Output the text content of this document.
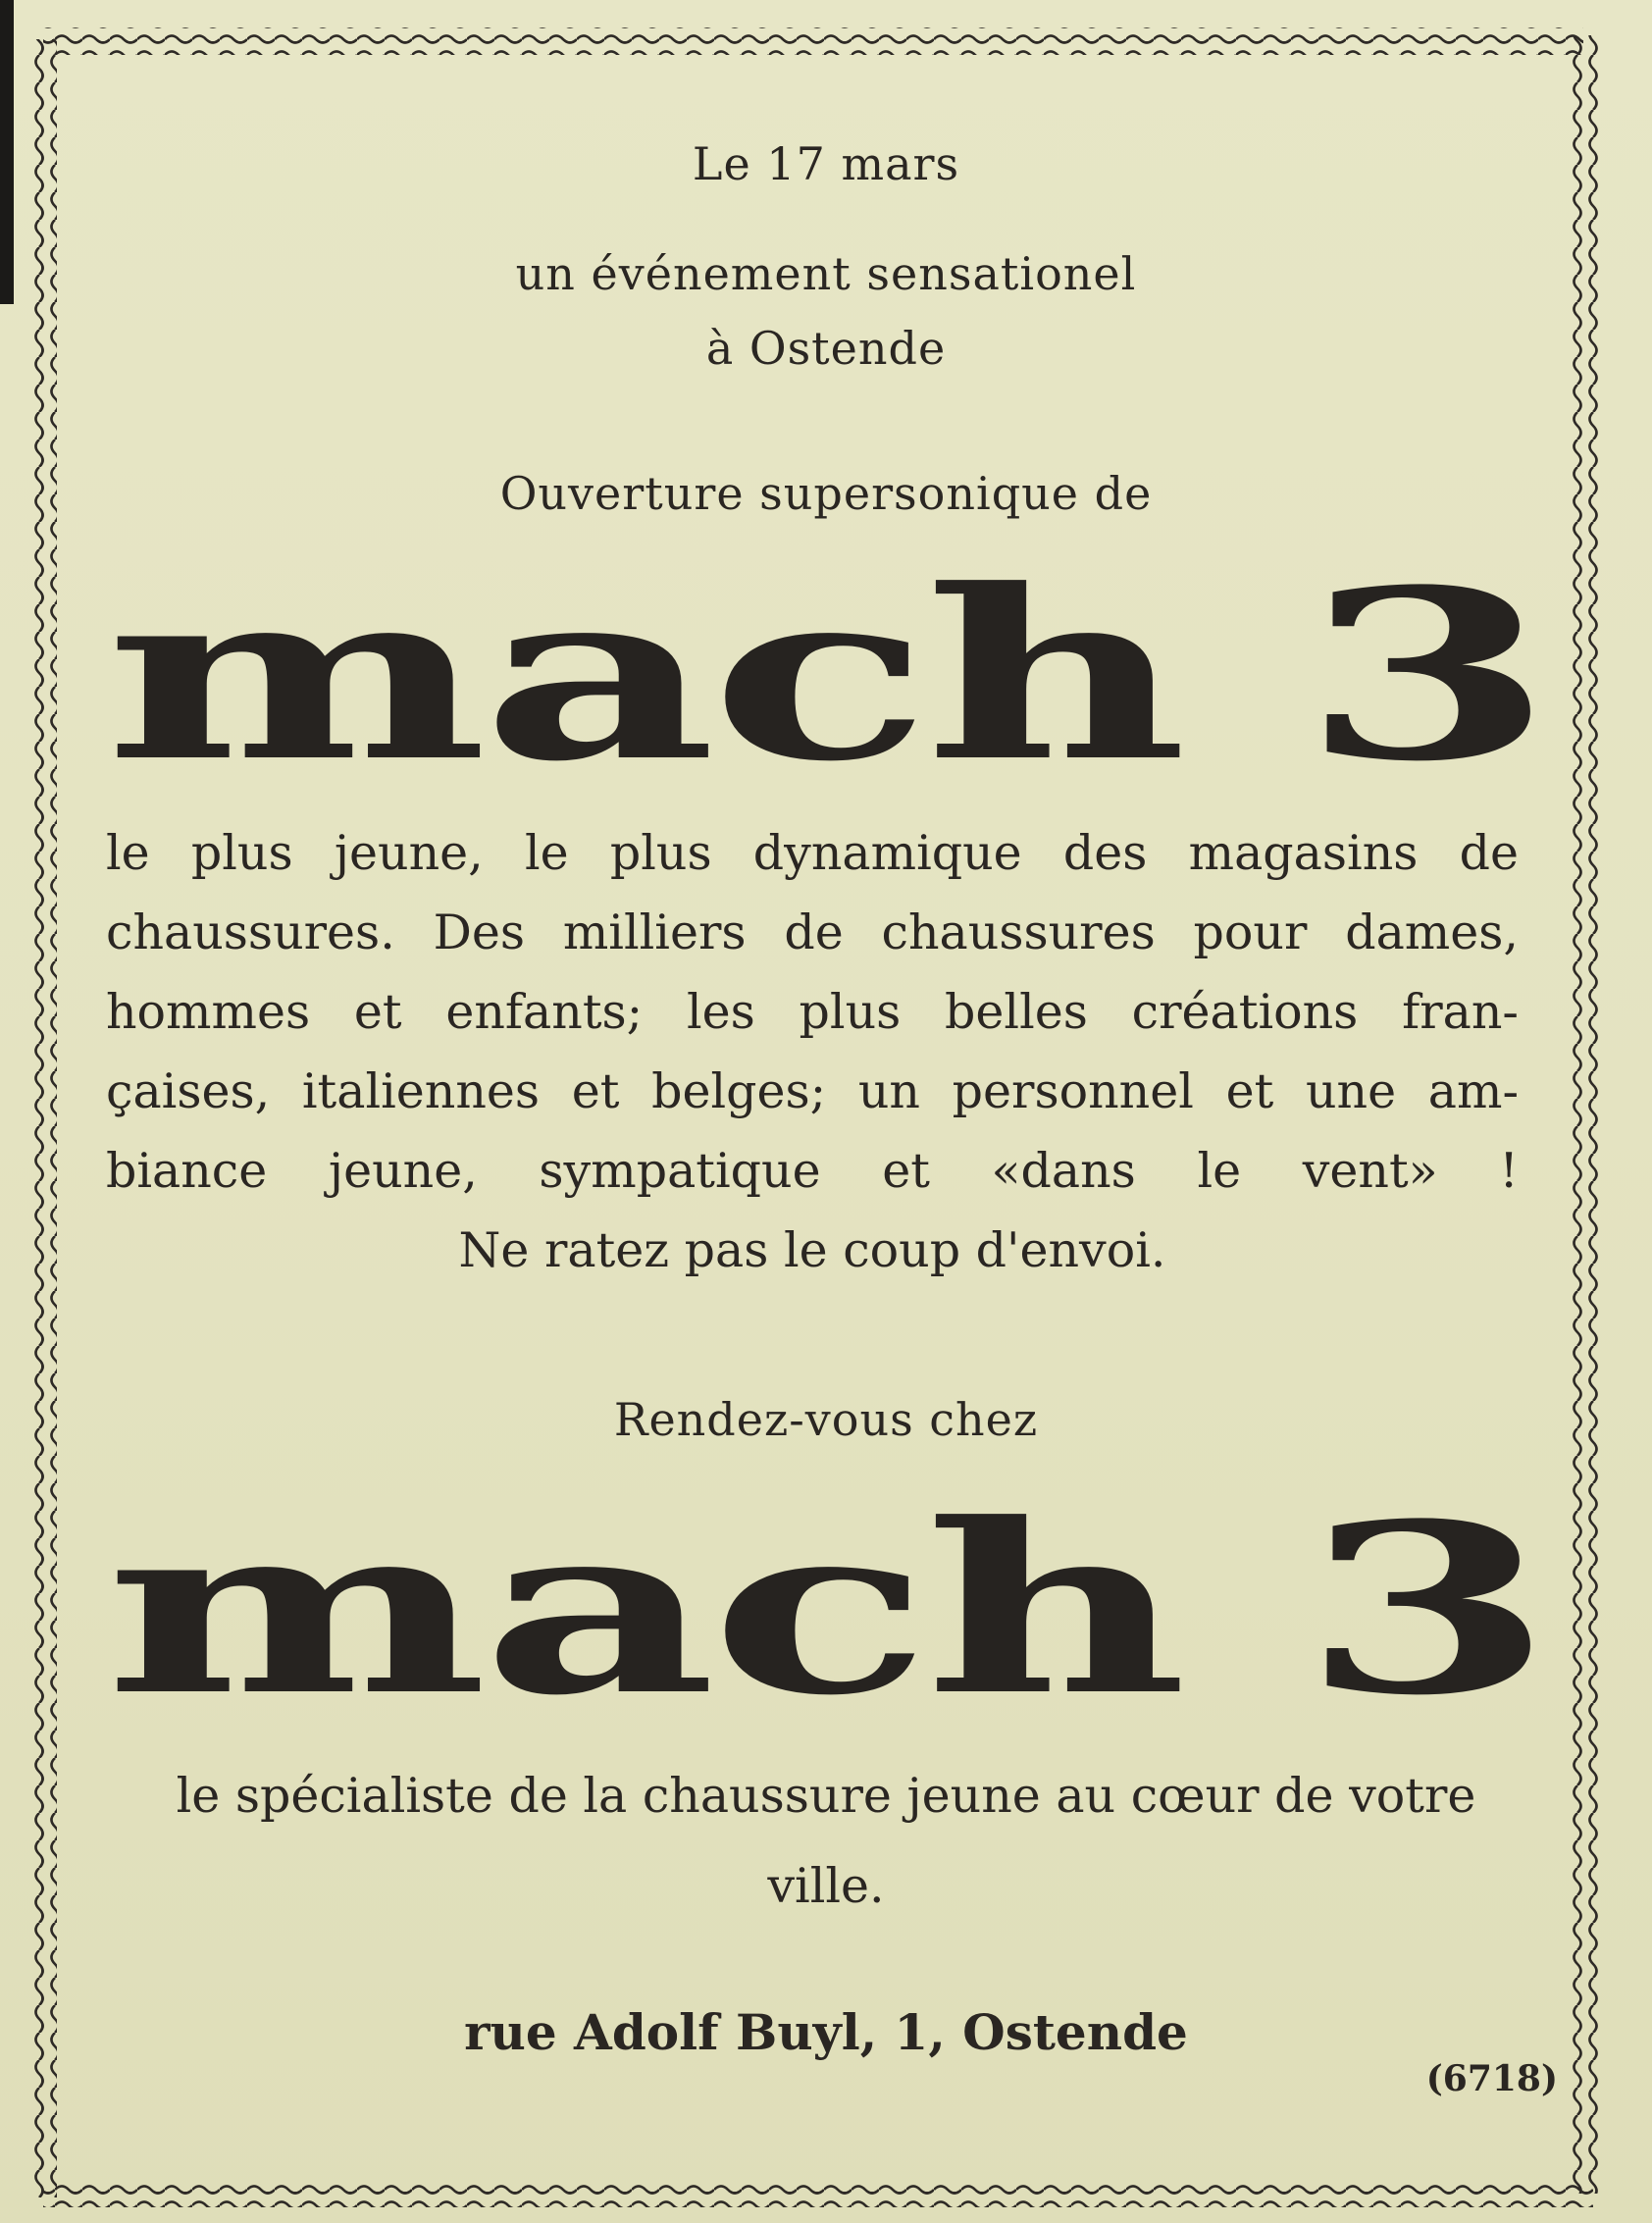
Le 17 mars
un événement sensationel
à Ostende
Ouverture supersonique de
mach 3
le plus jeune, le plus dynamique des magasins de
chaussures. Des milliers de chaussures pour dames,
hommes et enfants; les plus belles créations fran-
çaises, italiennes et belges; un personnel et une am-
biance jeune, sympatique et «dans le vent» !
Ne ratez pas le coup d'envoi.
Rendez-vous chez
mach 3
le spécialiste de la chaussure jeune au cœur de votre
ville.
rue Adolf Buyl, 1, Ostende
(6718)
